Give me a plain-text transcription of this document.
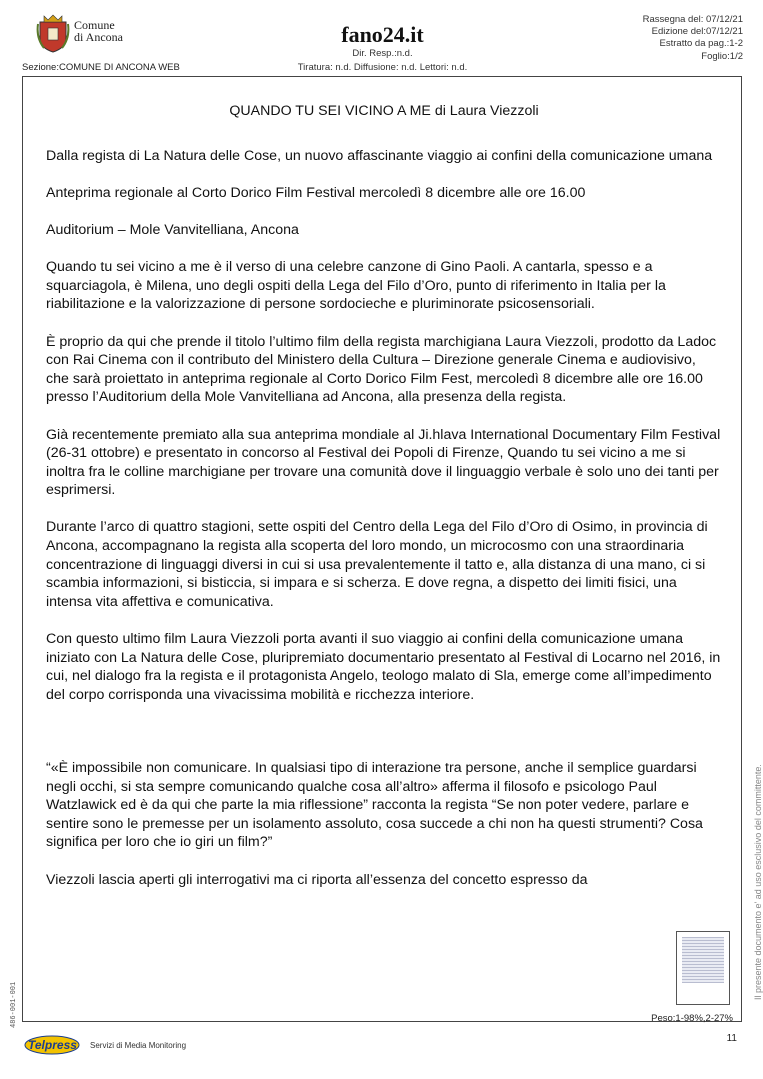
Comune
di Ancona
Sezione:COMUNE DI ANCONA WEB
fano24.it
Dir. Resp.:n.d.
Tiratura: n.d. Diffusione: n.d. Lettori: n.d.
Rassegna del: 07/12/21
Edizione del:07/12/21
Estratto da pag.:1-2
Foglio:1/2
QUANDO TU SEI VICINO A ME di Laura Viezzoli

Dalla regista di La Natura delle Cose, un nuovo affascinante viaggio ai confini della comunicazione umana

Anteprima regionale al Corto Dorico Film Festival mercoledì 8 dicembre alle ore 16.00

Auditorium – Mole Vanvitelliana, Ancona

Quando tu sei vicino a me è il verso di una celebre canzone di Gino Paoli. A cantarla, spesso e a squarciagola, è Milena, uno degli ospiti della Lega del Filo d’Oro, punto di riferimento in Italia per la riabilitazione e la valorizzazione di persone sordocieche e pluriminorate psicosensoriali.

È proprio da qui che prende il titolo l’ultimo film della regista marchigiana Laura Viezzoli, prodotto da Ladoc con Rai Cinema con il contributo del Ministero della Cultura – Direzione generale Cinema e audiovisivo, che sarà proiettato in anteprima regionale al Corto Dorico Film Fest, mercoledì 8 dicembre alle ore 16.00 presso l’Auditorium della Mole Vanvitelliana ad Ancona, alla presenza della regista.

Già recentemente premiato alla sua anteprima mondiale al Ji.hlava International Documentary Film Festival (26-31 ottobre) e presentato in concorso al Festival dei Popoli di Firenze, Quando tu sei vicino a me si inoltra fra le colline marchigiane per trovare una comunità dove il linguaggio verbale è solo uno dei tanti per esprimersi.

Durante l’arco di quattro stagioni, sette ospiti del Centro della Lega del Filo d’Oro di Osimo, in provincia di Ancona, accompagnano la regista alla scoperta del loro mondo, un microcosmo con una straordinaria concentrazione di linguaggi diversi in cui si usa prevalentemente il tatto e, alla distanza di una mano, ci si scambia informazioni, si bisticcia, si impara e si scherza. E dove regna, a dispetto dei limiti fisici, una intensa vita affettiva e comunicativa.

Con questo ultimo film Laura Viezzoli porta avanti il suo viaggio ai confini della comunicazione umana iniziato con La Natura delle Cose, pluripremiato documentario presentato al Festival di Locarno nel 2016, in cui, nel dialogo fra la regista e il protagonista Angelo, teologo malato di Sla, emerge come all’impedimento del corpo corrisponda una vivacissima mobilità e ricchezza interiore.

“«È impossibile non comunicare. In qualsiasi tipo di interazione tra persone, anche il semplice guardarsi negli occhi, si sta sempre comunicando qualche cosa all’altro» afferma il filosofo e psicologo Paul Watzlawick ed è da qui che parte la mia riflessione” racconta la regista “Se non poter vedere, parlare e sentire sono le premesse per un isolamento assoluto, cosa succede a chi non ha questi strumenti? Cosa significa per loro che io giri un film?”

Viezzoli lascia aperti gli interrogativi ma ci riporta all’essenza del concetto espresso da

Peso:1-98%,2-27%
11
Il presente documento e' ad uso esclusivo del committente.
486-001-001
Telpress Servizi di Media Monitoring
